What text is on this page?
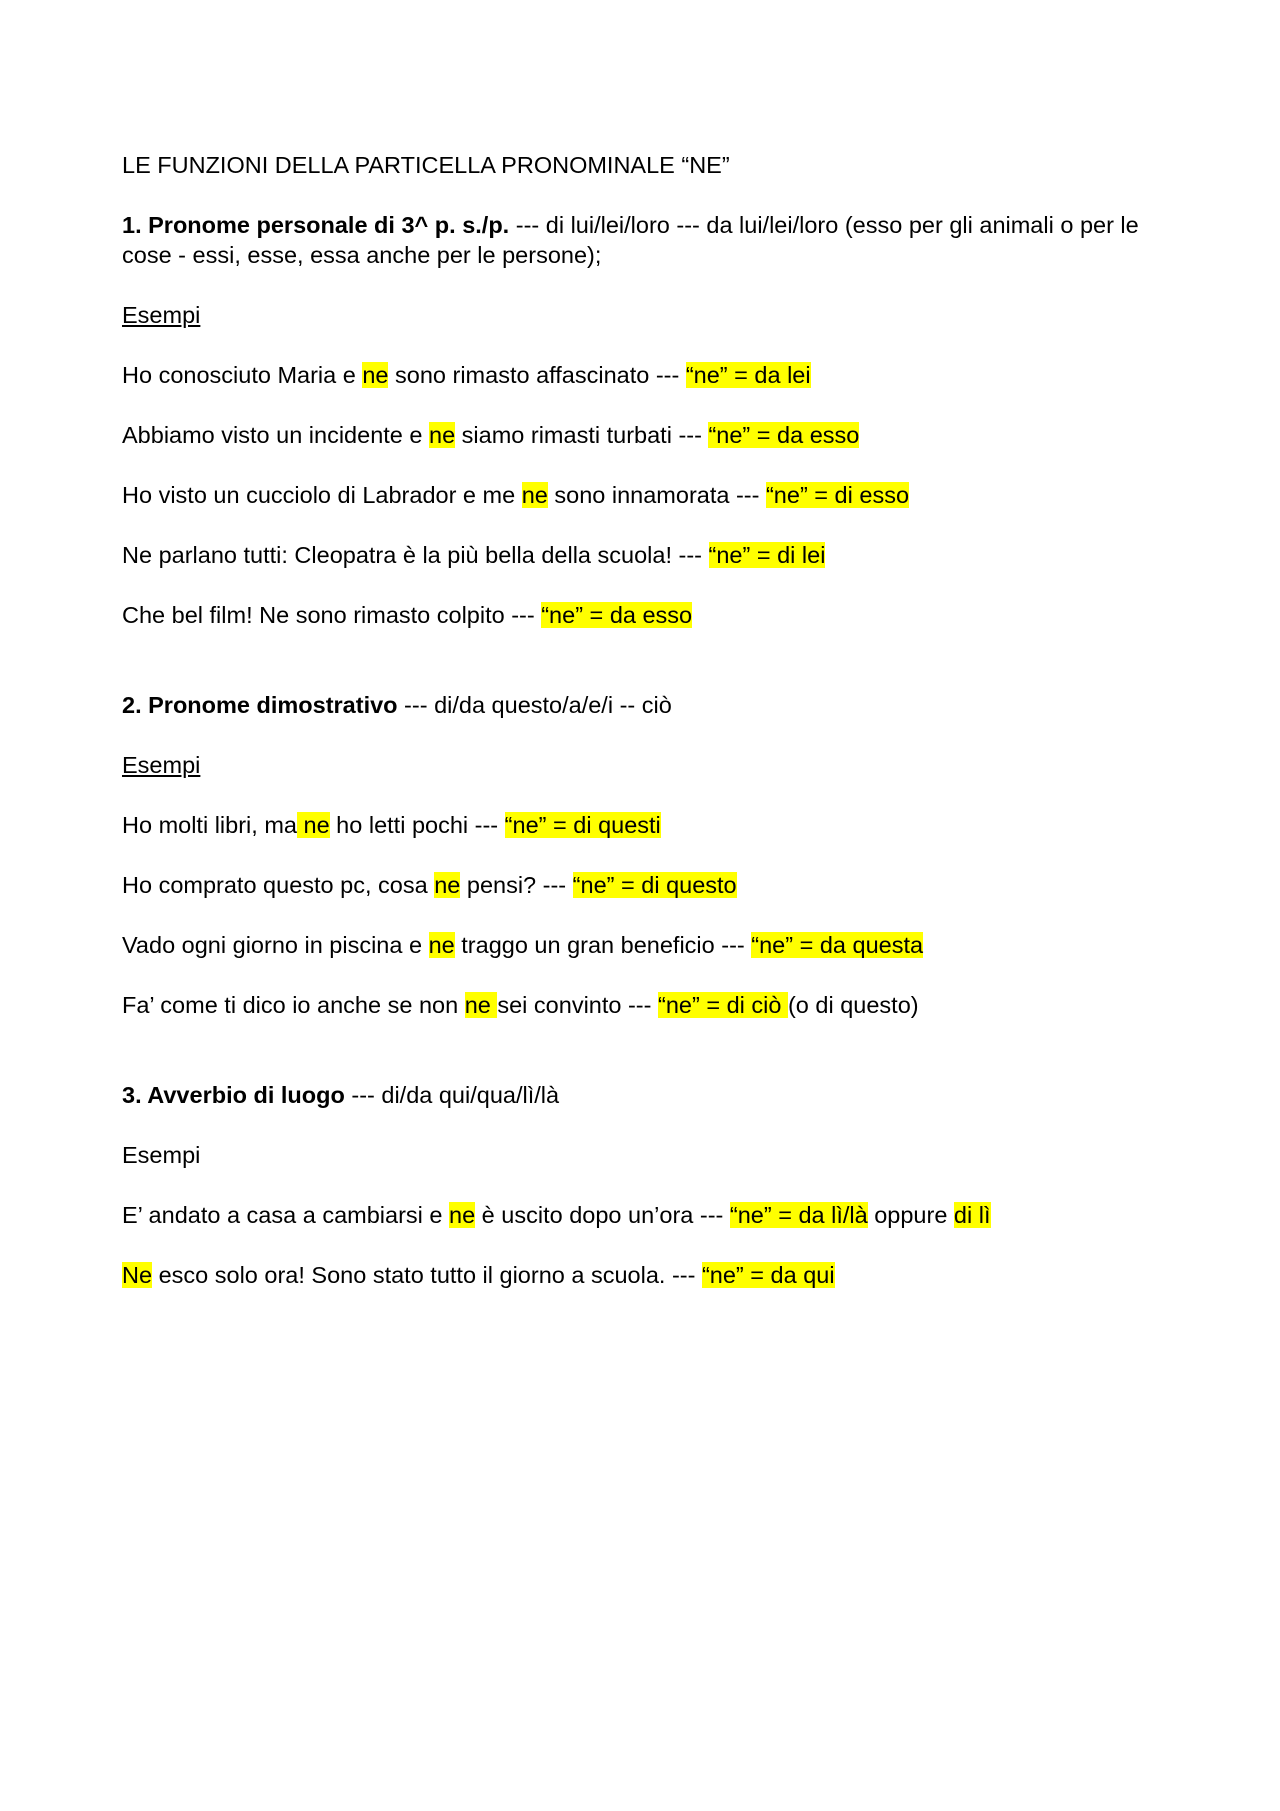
LE FUNZIONI DELLA PARTICELLA PRONOMINALE “NE”

1. Pronome personale di 3^ p. s./p. --- di lui/lei/loro --- da lui/lei/loro (esso per gli animali o per le cose - essi, esse, essa anche per le persone);

Esempi

Ho conosciuto Maria e ne sono rimasto affascinato --- “ne” = da lei

Abbiamo visto un incidente e ne siamo rimasti turbati --- “ne” = da esso

Ho visto un cucciolo di Labrador e me ne sono innamorata --- “ne” = di esso

Ne parlano tutti: Cleopatra è la più bella della scuola! --- “ne” = di lei

Che bel film! Ne sono rimasto colpito --- “ne” = da esso

2. Pronome dimostrativo --- di/da questo/a/e/i -- ciò

Esempi

Ho molti libri, ma ne ho letti pochi --- “ne” = di questi

Ho comprato questo pc, cosa ne pensi? --- “ne” = di questo

Vado ogni giorno in piscina e ne traggo un gran beneficio --- “ne” = da questa

Fa’ come ti dico io anche se non ne sei convinto --- “ne” = di ciò (o di questo)

3. Avverbio di luogo --- di/da qui/qua/lì/là

Esempi

E’ andato a casa a cambiarsi e ne è uscito dopo un’ora --- “ne” = da lì/là oppure di lì

Ne esco solo ora! Sono stato tutto il giorno a scuola. --- “ne” = da qui
